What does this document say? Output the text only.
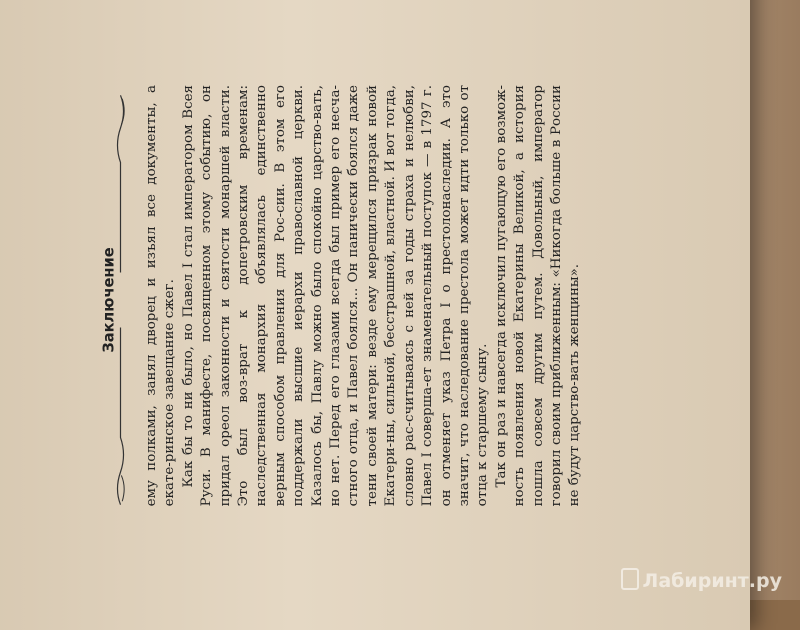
Заключение ему полками, занял дворец и изъял все документы, а екате-ринское завещание сжег. Как бы то ни было, но Павел I стал императором Всея Руси. В манифесте, посвященном этому событию, он придал ореол законности и святости монаршей власти. Это был воз-врат к допетровским временам: наследственная монархия объявлялась единственно верным способом правления для Рос-сии. В этом его поддержали высшие иерархи православной церкви. Казалось бы, Павлу можно было спокойно царство-вать, но нет. Перед его глазами всегда был пример его несча-стного отца, и Павел боялся... Он панически боялся даже тени своей матери: везде ему мерещился призрак новой Екатери-ны, сильной, бесстрашной, властной. И вот тогда, словно рас-считываясь с ней за годы страха и нелюбви, Павел I соверша-ет знаменательный поступок — в 1797 г. он отменяет указ Петра I о престолонаследии. А это значит, что наследование престола может идти только от отца к старшему сыну. Так он раз и навсегда исключил пугающую его возмож-ность появления новой Екатерины Великой, а история пошла совсем другим путем. Довольный, император говорил своим приближенным: «Никогда больше в России не будут царство-вать женщины».

Лабиринт.ру
